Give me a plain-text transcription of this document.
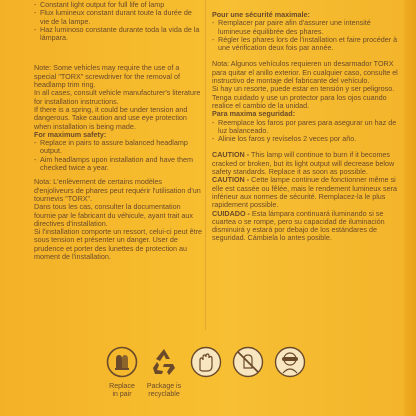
- Constant light output for full life of lamp
- Flux lumineux constant durant toute la durée de vie de la lampe.
- Haz luminoso constante durante toda la vida de la lámpara.

Note: Some vehicles may require the use of a special "TORX" screwdriver for the removal of headlamp trim ring.

In all cases, consult vehicle manufacturer's literature for installation instructions.

If there is a spring, it could be under tension and dangerous. Take caution and use eye protection when installation is being made.

For maximum safety:

- Replace in pairs to assure balanced headlamp output.
- Aim headlamps upon installation and have them checked twice a year.

Nota: L'enlèvement de certains modèles d'enjoliveurs de phares peut requérir l'utilisation d'un tournevis "TORX".

Dans tous les cas, consulter la documentation fournie par le fabricant du véhicule, ayant trait aux directives d'installation.

Si l'installation comporte un ressort, celui-ci peut être sous tension et présenter un danger. User de prudence et porter des lunettes de protection au moment de l'installation.

Pour une sécurité maximale:

- Remplacer par paire afin d'assurer une intensité lumineuse équilibrée des phares.
- Régler les phares lors de l'installation et faire procéder à une vérification deux fois par année.

Nota: Algunos vehículos requieren un desarmador TORX para quitar el anillo exterior. En cualquier caso, consulte el instructivo de montaje del fabricante del vehículo.

Si hay un resorte, puede estar en tensión y ser peligroso. Tenga cuidado y use un protector para los ojos cuando realice el cambio de la unidad.

Para maxima seguridad:

- Reemplace los faros por pares para asegurar un haz de luz balanceado.
- Alinie los faros y revíselos 2 veces por año.

CAUTION - This lamp will continue to burn if it becomes cracked or broken, but its light output will decrease below safety standards. Replace it as soon as possible.

CAUTION - Cette lampe continue de fonctionner même si elle est cassée ou fêlée, mais le rendement lumineux sera inférieur aux normes de sécurité. Remplacez-la le plus rapidement possible.

CUIDADO - Esta lámpara continuará iluminando si se cuartea o se rompe, pero su capacidad de iluminación disminuirá y estará por debajo de los estándares de seguridad. Cámbiela lo antes posible.

Replace
in pair
Package is
recyclable
